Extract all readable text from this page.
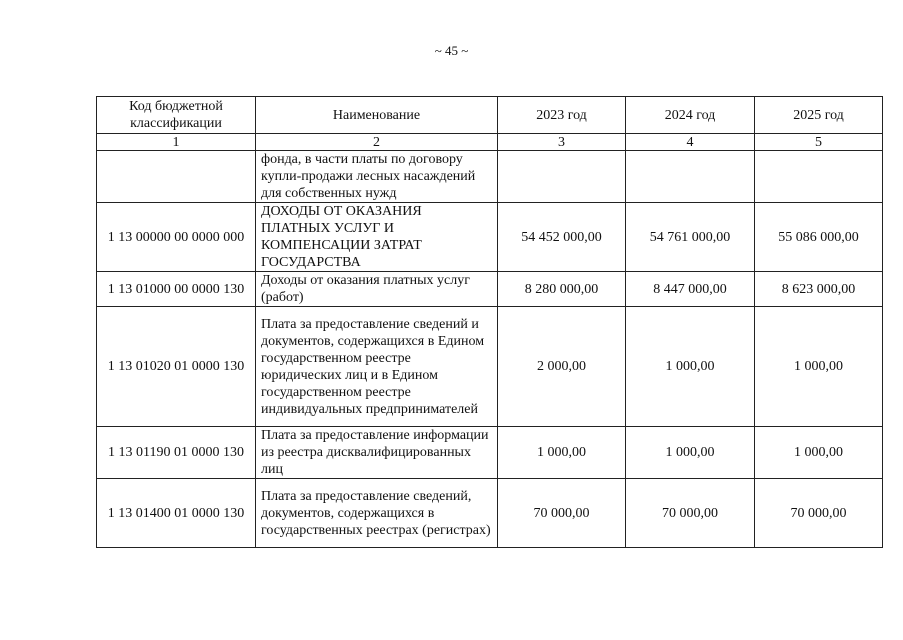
~ 45 ~
Код бюджетной классификации	Наименование	2023 год	2024 год	2025 год
1	2	3	4	5
	фонда, в части платы по договору купли-продажи лесных насаждений для собственных нужд			
1 13 00000 00 0000 000	ДОХОДЫ ОТ ОКАЗАНИЯ ПЛАТНЫХ УСЛУГ И КОМПЕНСАЦИИ ЗАТРАТ ГОСУДАРСТВА	54 452 000,00	54 761 000,00	55 086 000,00
1 13 01000 00 0000 130	Доходы от оказания платных услуг (работ)	8 280 000,00	8 447 000,00	8 623 000,00
1 13 01020 01 0000 130	Плата за предоставление сведений и документов, содержащихся в Едином государственном реестре юридических лиц и в Едином государственном реестре индивидуальных предпринимателей	2 000,00	1 000,00	1 000,00
1 13 01190 01 0000 130	Плата за предоставление информации из реестра дисквалифицированных лиц	1 000,00	1 000,00	1 000,00
1 13 01400 01 0000 130	Плата за предоставление сведений, документов, содержащихся в государственных реестрах (регистрах)	70 000,00	70 000,00	70 000,00
